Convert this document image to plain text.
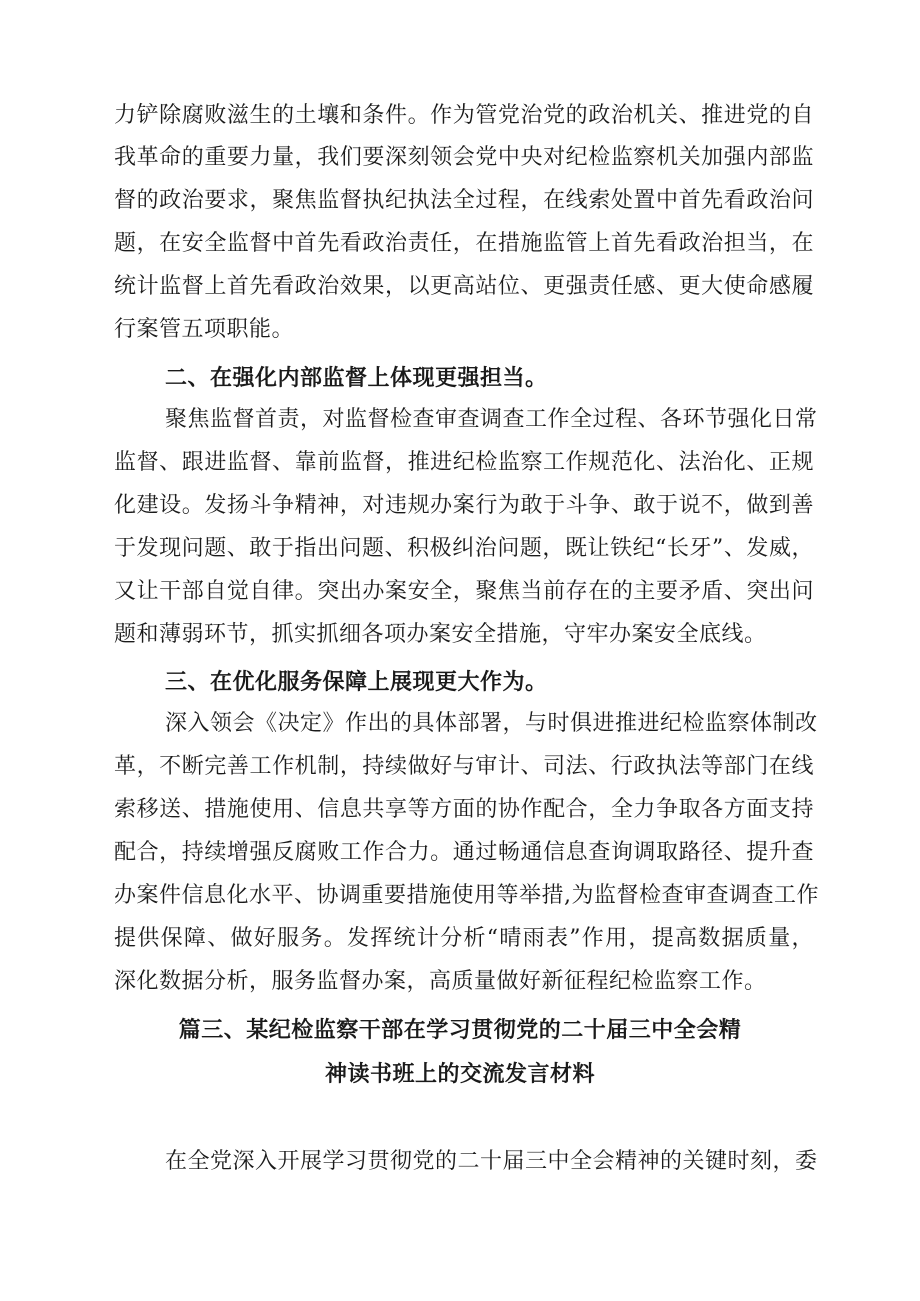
力铲除腐败滋生的土壤和条件。作为管党治党的政治机关、推进党的自
我革命的重要力量，我们要深刻领会党中央对纪检监察机关加强内部监
督的政治要求，聚焦监督执纪执法全过程，在线索处置中首先看政治问
题，在安全监督中首先看政治责任，在措施监管上首先看政治担当，在
统计监督上首先看政治效果，以更高站位、更强责任感、更大使命感履
行案管五项职能。
二、在强化内部监督上体现更强担当。
聚焦监督首责，对监督检查审查调查工作全过程、各环节强化日常
监督、跟进监督、靠前监督，推进纪检监察工作规范化、法治化、正规
化建设。发扬斗争精神，对违规办案行为敢于斗争、敢于说不，做到善
于发现问题、敢于指出问题、积极纠治问题，既让铁纪“长牙”、发威，
又让干部自觉自律。突出办案安全，聚焦当前存在的主要矛盾、突出问
题和薄弱环节，抓实抓细各项办案安全措施，守牢办案安全底线。
三、在优化服务保障上展现更大作为。
深入领会《决定》作出的具体部署，与时俱进推进纪检监察体制改
革，不断完善工作机制，持续做好与审计、司法、行政执法等部门在线
索移送、措施使用、信息共享等方面的协作配合，全力争取各方面支持
配合，持续增强反腐败工作合力。通过畅通信息查询调取路径、提升查
办案件信息化水平、协调重要措施使用等举措,为监督检查审查调查工作
提供保障、做好服务。发挥统计分析“晴雨表”作用，提高数据质量，
深化数据分析，服务监督办案，高质量做好新征程纪检监察工作。
篇三、某纪检监察干部在学习贯彻党的二十届三中全会精
神读书班上的交流发言材料
在全党深入开展学习贯彻党的二十届三中全会精神的关键时刻，委
